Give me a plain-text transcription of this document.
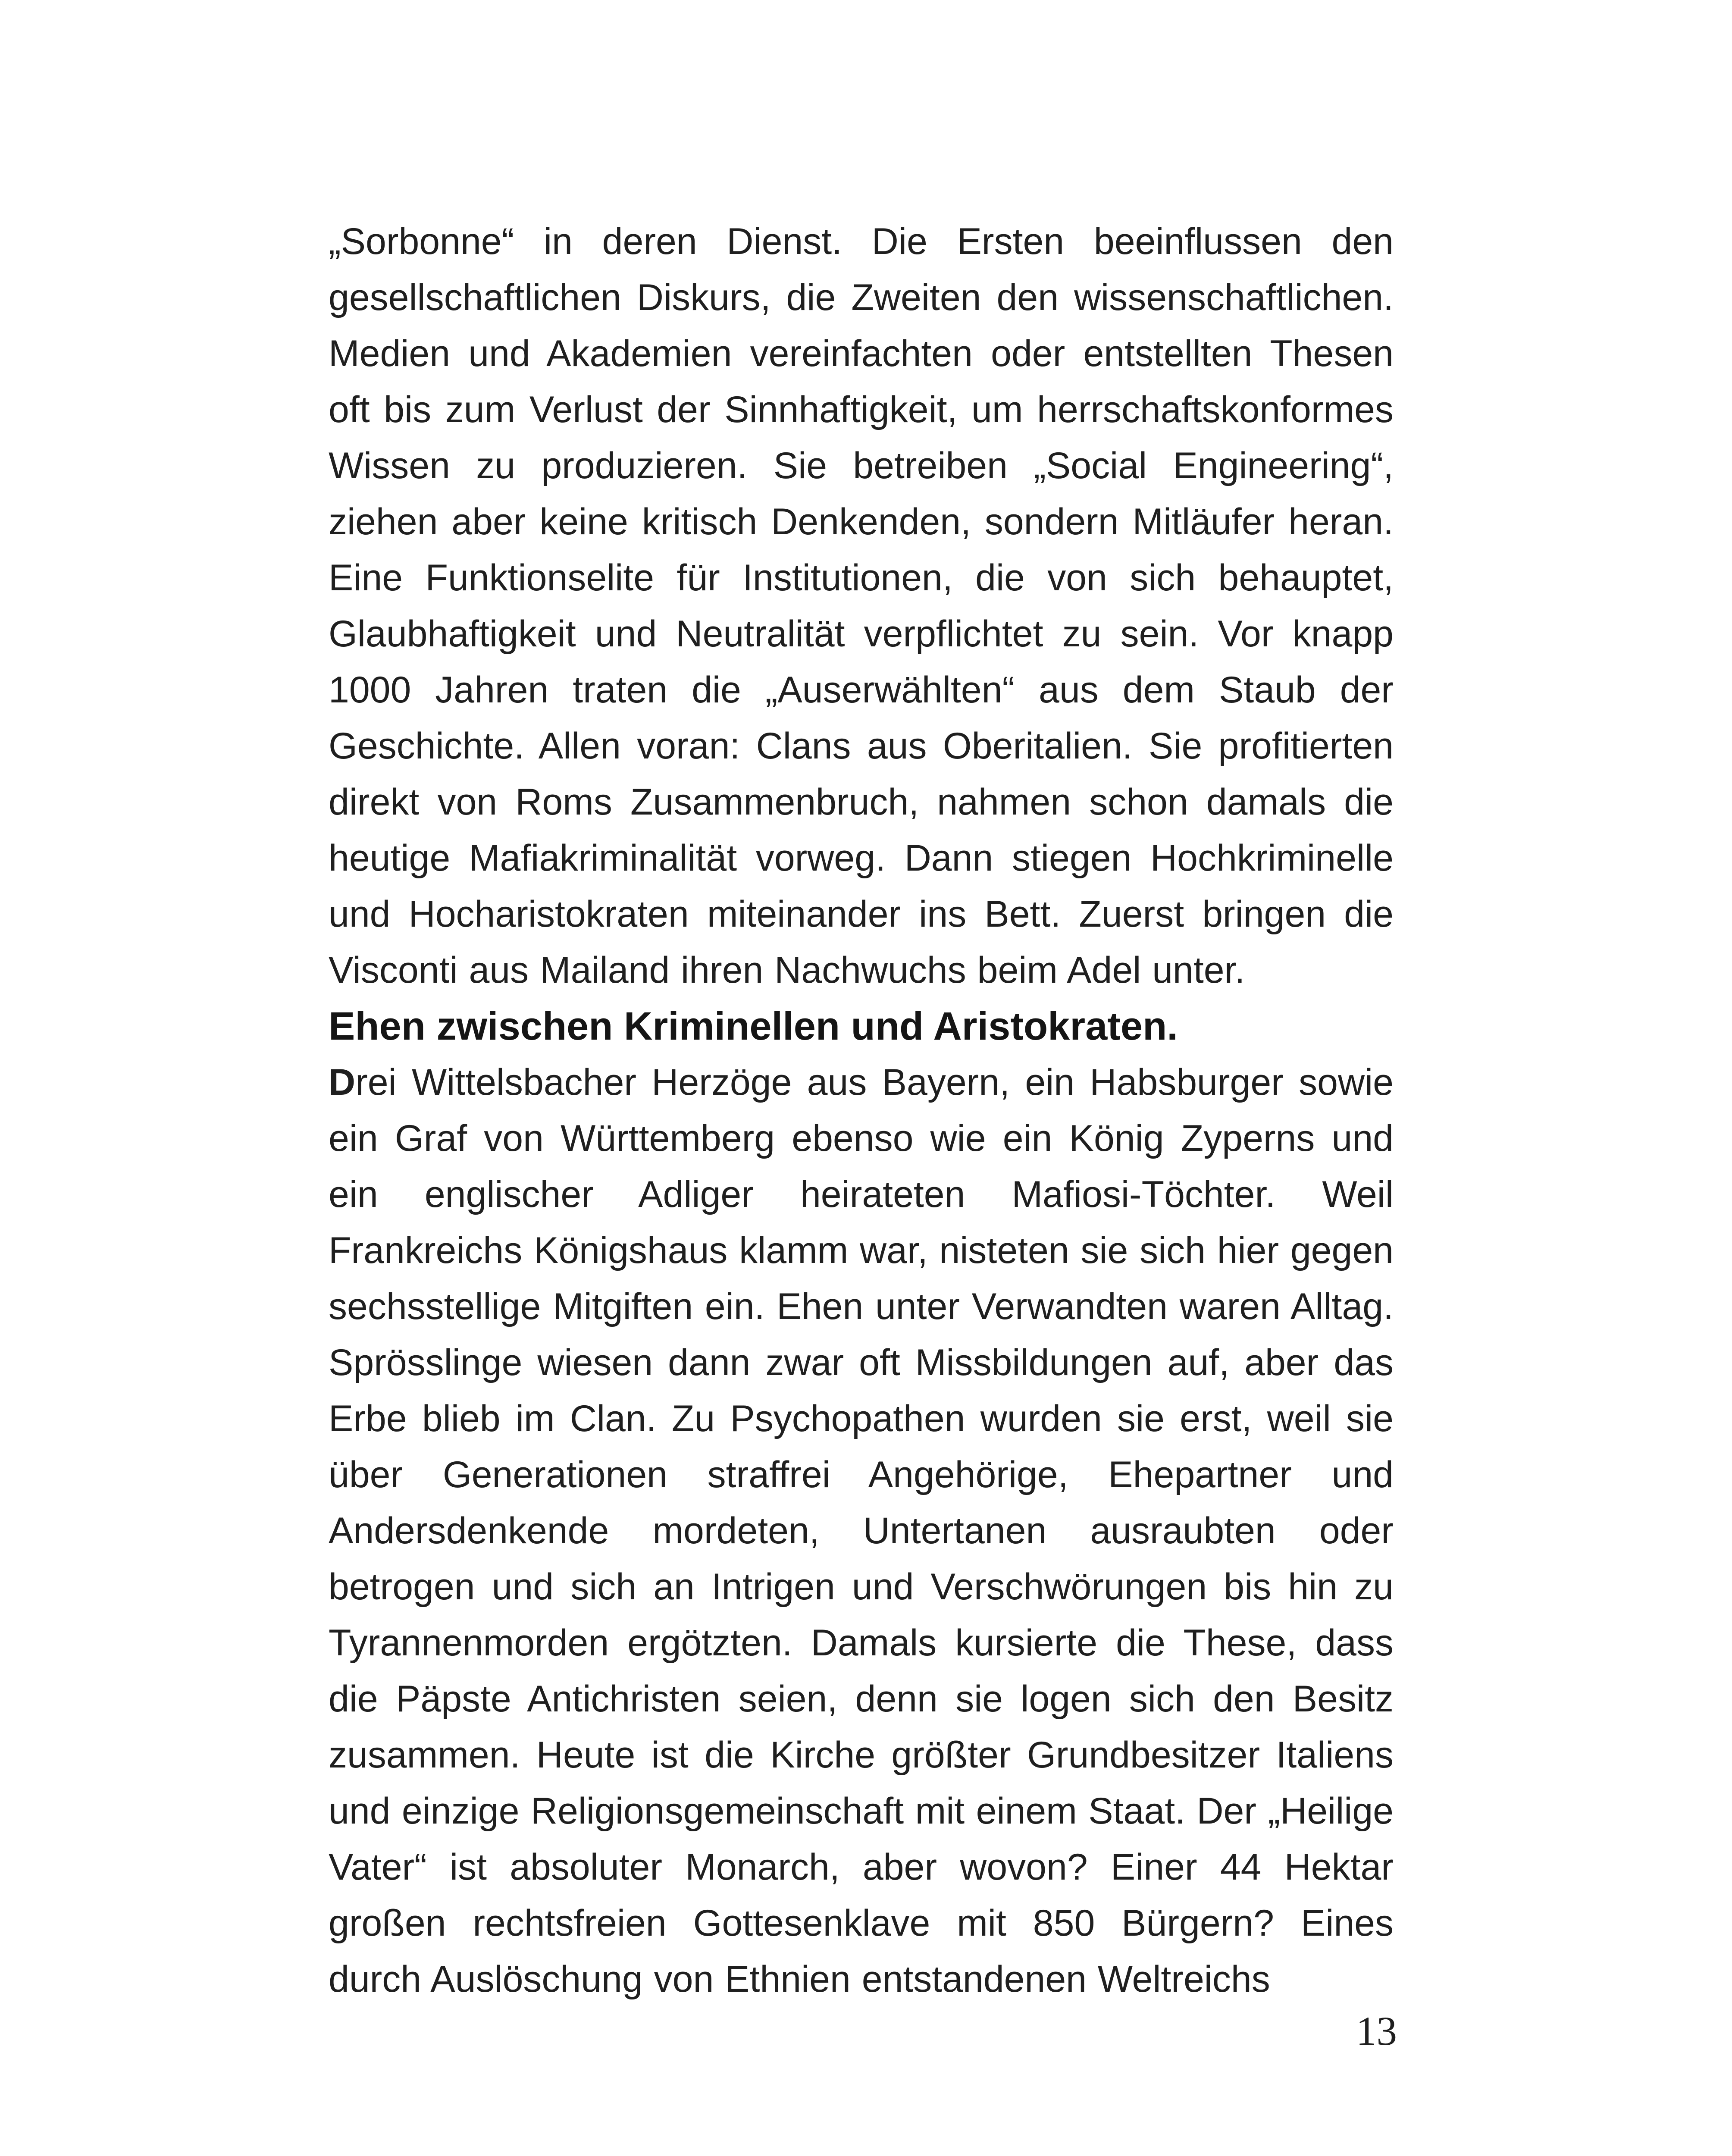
„Sorbonne“ in deren Dienst. Die Ersten beeinflussen den gesellschaftlichen Diskurs, die Zweiten den wissenschaftlichen. Medien und Akademien vereinfachten oder entstellten Thesen oft bis zum Verlust der Sinnhaftigkeit, um herrschaftskonformes Wissen zu produzieren. Sie betreiben „Social Engineering“, ziehen aber keine kritisch Denkenden, sondern Mitläufer heran. Eine Funktionselite für Institutionen, die von sich behauptet, Glaubhaftigkeit und Neutralität verpflichtet zu sein. Vor knapp 1000 Jahren traten die „Auserwählten“ aus dem Staub der Geschichte. Allen voran: Clans aus Oberitalien. Sie profitierten direkt von Roms Zusammenbruch, nahmen schon damals die heutige Mafiakriminalität vorweg. Dann stiegen Hochkriminelle und Hocharistokraten miteinander ins Bett. Zuerst bringen die Visconti aus Mailand ihren Nachwuchs beim Adel unter.

Ehen zwischen Kriminellen und Aristokraten.

Drei Wittelsbacher Herzöge aus Bayern, ein Habsburger sowie ein Graf von Württemberg ebenso wie ein König Zyperns und ein englischer Adliger heirateten Mafiosi-Töchter. Weil Frankreichs Königshaus klamm war, nisteten sie sich hier gegen sechsstellige Mitgiften ein. Ehen unter Verwandten waren Alltag. Sprösslinge wiesen dann zwar oft Missbildungen auf, aber das Erbe blieb im Clan. Zu Psychopathen wurden sie erst, weil sie über Generationen straffrei Angehörige, Ehepartner und Andersdenkende mordeten, Untertanen ausraubten oder betrogen und sich an Intrigen und Verschwörungen bis hin zu Tyrannenmorden ergötzten. Damals kursierte die These, dass die Päpste Antichristen seien, denn sie logen sich den Besitz zusammen. Heute ist die Kirche größter Grundbesitzer Italiens und einzige Religionsgemeinschaft mit einem Staat. Der „Heilige Vater“ ist absoluter Monarch, aber wovon? Einer 44 Hektar großen rechtsfreien Gottesenklave mit 850 Bürgern? Eines durch Auslöschung von Ethnien entstandenen Weltreichs

13
